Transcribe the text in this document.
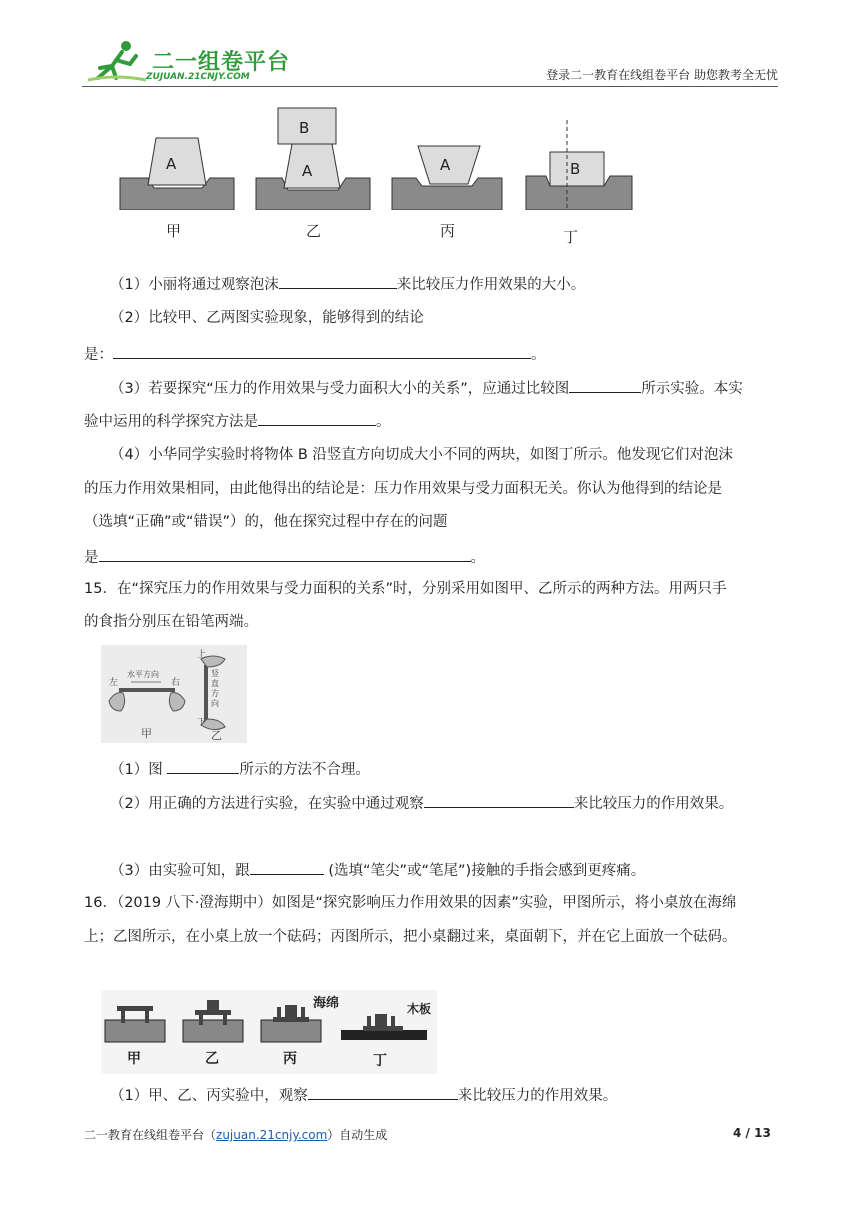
二一组卷平台
ZUJUAN.21CNJY.COM	登录二一教育在线组卷平台 助您教考全无忧
A	A
B
A	B
甲	乙	丙	丁
（1）小丽将通过观察泡沫	来比较压力作用效果的大小。
（2）比较甲、乙两图实验现象，能够得到的结论
是：	。
（3）若要探究“压力的作用效果与受力面积大小的关系”，应通过比较图	所示实验。本实
验中运用的科学探究方法是	。
（4）小华同学实验时将物体 B 沿竖直方向切成大小不同的两块，如图丁所示。他发现它们对泡沫
的压力作用效果相同，由此他得出的结论是：压力作用效果与受力面积无关。你认为他得到的结论是
（选填“正确”或“错误”）的，他在探究过程中存在的问题
是	。
15．在“探究压力的作用效果与受力面积的关系”时，分别采用如图甲、乙所示的两种方法。用两只手
的食指分别压在铅笔两端。
左	右
水平方向
上
竖直方向
下
甲	乙
（1）图	所示的方法不合理。
（2）用正确的方法进行实验，在实验中通过观察	来比较压力的作用效果。
（3）由实验可知，跟	(选填“笔尖”或“笔尾”)接触的手指会感到更疼痛。
16．（2019 八下·澄海期中）如图是“探究影响压力作用效果的因素”实验，甲图所示，将小桌放在海绵
上；乙图所示，在小桌上放一个砝码；丙图所示，把小桌翻过来，桌面朝下，并在它上面放一个砝码。
海绵	木板
甲	乙	丙	丁
（1）甲、乙、丙实验中，观察	来比较压力的作用效果。
二一教育在线组卷平台（zujuan.21cnjy.com）自动生成	4 / 13
